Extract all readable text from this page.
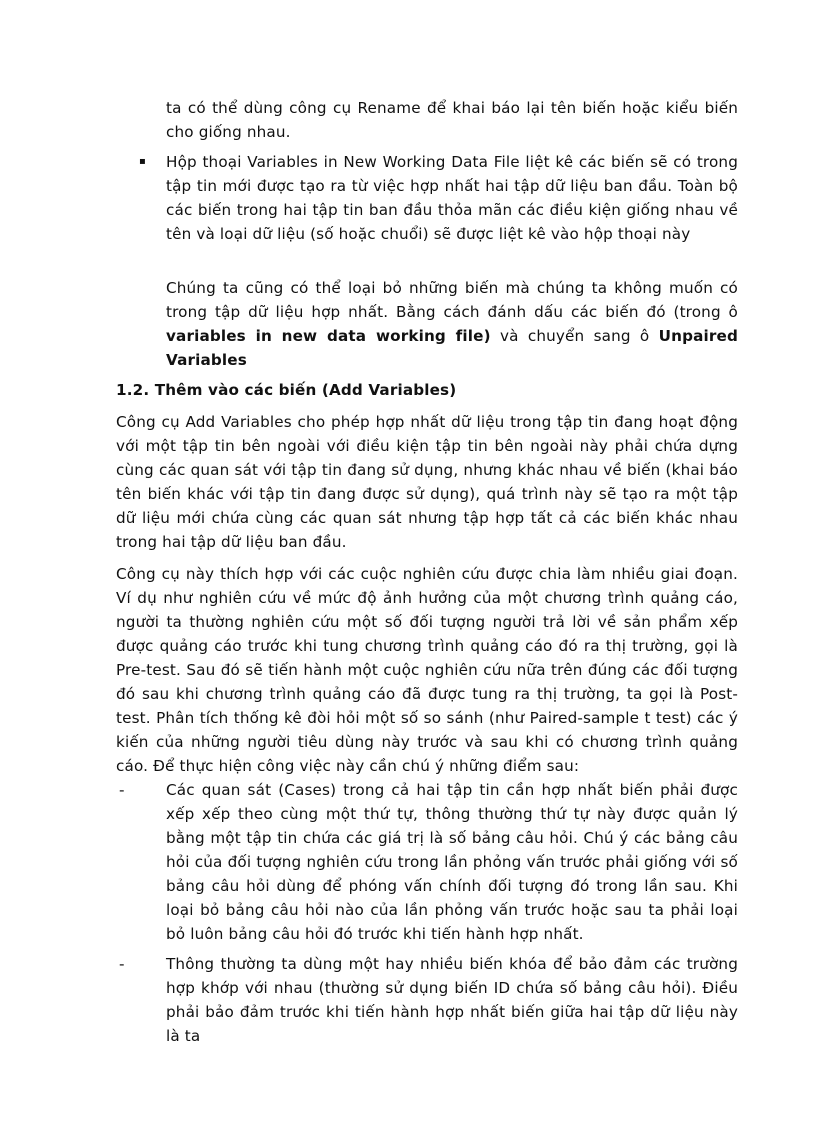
ta có thể dùng công cụ Rename để khai báo lại tên biến hoặc kiểu biến cho giống nhau.

▪	Hộp thoại Variables in New Working Data File liệt kê các biến sẽ có trong tập tin mới được tạo ra từ việc hợp nhất hai tập dữ liệu ban đầu. Toàn bộ các biến trong hai tập tin ban đầu thỏa mãn các điều kiện giống nhau về tên và loại dữ liệu (số hoặc chuổi) sẽ được liệt kê vào hộp thoại này

Chúng ta cũng có thể loại bỏ những biến mà chúng ta không muốn có trong tập dữ liệu hợp nhất. Bằng cách đánh dấu các biến đó (trong ô variables in new data working file) và chuyển sang ô Unpaired Variables

1.2. Thêm vào các biến (Add Variables)

Công cụ Add Variables cho phép hợp nhất dữ liệu trong tập tin đang hoạt động với một tập tin bên ngoài với điều kiện tập tin bên ngoài này phải chứa dựng cùng các quan sát với tập tin đang sử dụng, nhưng khác nhau về biến (khai báo tên biến khác với tập tin đang được sử dụng), quá trình này sẽ tạo ra một tập dữ liệu mới chứa cùng các quan sát nhưng tập hợp tất cả các biến khác nhau trong hai tập dữ liệu ban đầu.

Công cụ này thích hợp với các cuộc nghiên cứu được chia làm nhiều giai đoạn. Ví dụ như nghiên cứu về mức độ ảnh hưởng của một chương trình quảng cáo, người ta thường nghiên cứu một số đối tượng người trả lời về sản phẩm xếp được quảng cáo trước khi tung chương trình quảng cáo đó ra thị trường, gọi là Pre-test. Sau đó sẽ tiến hành một cuộc nghiên cứu nữa trên đúng các đối tượng đó sau khi chương trình quảng cáo đã được tung ra thị trường, ta gọi là Post-test. Phân tích thống kê đòi hỏi một số so sánh (như Paired-sample t test) các ý kiến của những người tiêu dùng này trước và sau khi có chương trình quảng cáo. Để thực hiện công việc này cần chú ý những điểm sau:

-	Các quan sát (Cases) trong cả hai tập tin cần hợp nhất biến phải được xếp xếp theo cùng một thứ tự, thông thường thứ tự này được quản lý bằng một tập tin chứa các giá trị là số bảng câu hỏi. Chú ý các bảng câu hỏi của đối tượng nghiên cứu trong lần phỏng vấn trước phải giống với số bảng câu hỏi dùng để phóng vấn chính đối tượng đó trong lần sau. Khi loại bỏ bảng câu hỏi nào của lần phỏng vấn trước hoặc sau ta phải loại bỏ luôn bảng câu hỏi đó trước khi tiến hành hợp nhất.

-	Thông thường ta dùng một hay nhiều biến khóa để bảo đảm các trường hợp khớp với nhau (thường sử dụng biến ID chứa số bảng câu hỏi). Điều phải bảo đảm trước khi tiến hành hợp nhất biến giữa hai tập dữ liệu này là ta
